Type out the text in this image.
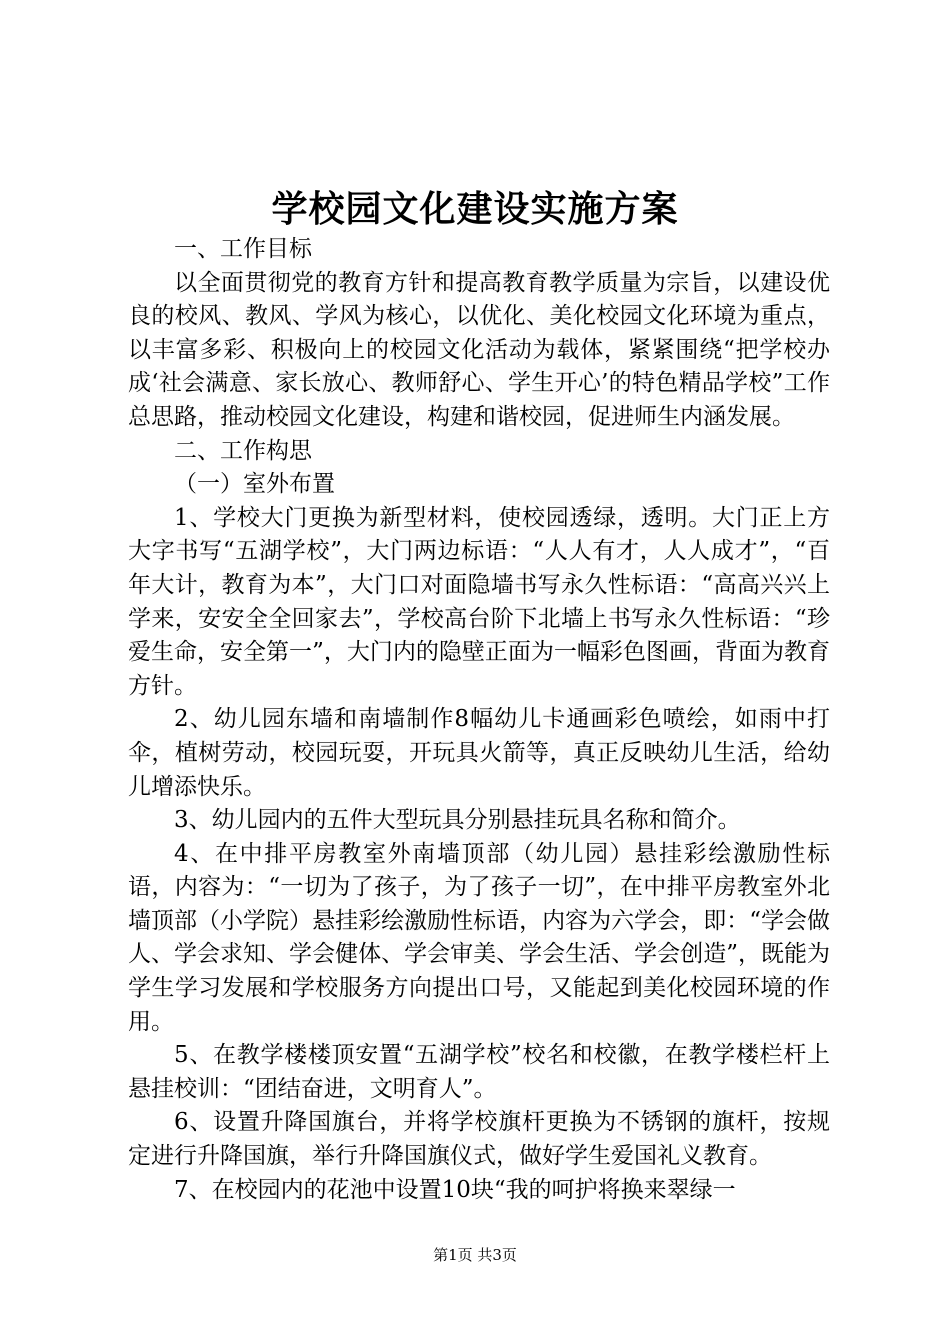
学校园文化建设实施方案

一、工作目标

以全面贯彻党的教育方针和提高教育教学质量为宗旨，以建设优良的校风、教风、学风为核心，以优化、美化校园文化环境为重点，以丰富多彩、积极向上的校园文化活动为载体，紧紧围绕“把学校办成‘社会满意、家长放心、教师舒心、学生开心’的特色精品学校”工作总思路，推动校园文化建设，构建和谐校园，促进师生内涵发展。

二、工作构思

（一）室外布置

1、学校大门更换为新型材料，使校园透绿，透明。大门正上方大字书写“五湖学校”，大门两边标语：“人人有才，人人成才”，“百年大计，教育为本”，大门口对面隐墙书写永久性标语：“高高兴兴上学来，安安全全回家去”，学校高台阶下北墙上书写永久性标语：“珍爱生命，安全第一”，大门内的隐壁正面为一幅彩色图画，背面为教育方针。

2、幼儿园东墙和南墙制作8幅幼儿卡通画彩色喷绘，如雨中打伞，植树劳动，校园玩耍，开玩具火箭等，真正反映幼儿生活，给幼儿增添快乐。

3、幼儿园内的五件大型玩具分别悬挂玩具名称和简介。

4、在中排平房教室外南墙顶部（幼儿园）悬挂彩绘激励性标语，内容为：“一切为了孩子，为了孩子一切”，在中排平房教室外北墙顶部（小学院）悬挂彩绘激励性标语，内容为六学会，即：“学会做人、学会求知、学会健体、学会审美、学会生活、学会创造”，既能为学生学习发展和学校服务方向提出口号，又能起到美化校园环境的作用。

5、在教学楼楼顶安置“五湖学校”校名和校徽，在教学楼栏杆上悬挂校训：“团结奋进，文明育人”。

6、设置升降国旗台，并将学校旗杆更换为不锈钢的旗杆，按规定进行升降国旗，举行升降国旗仪式，做好学生爱国礼义教育。

7、在校园内的花池中设置10块“我的呵护将换来翠绿一

第1页 共3页
